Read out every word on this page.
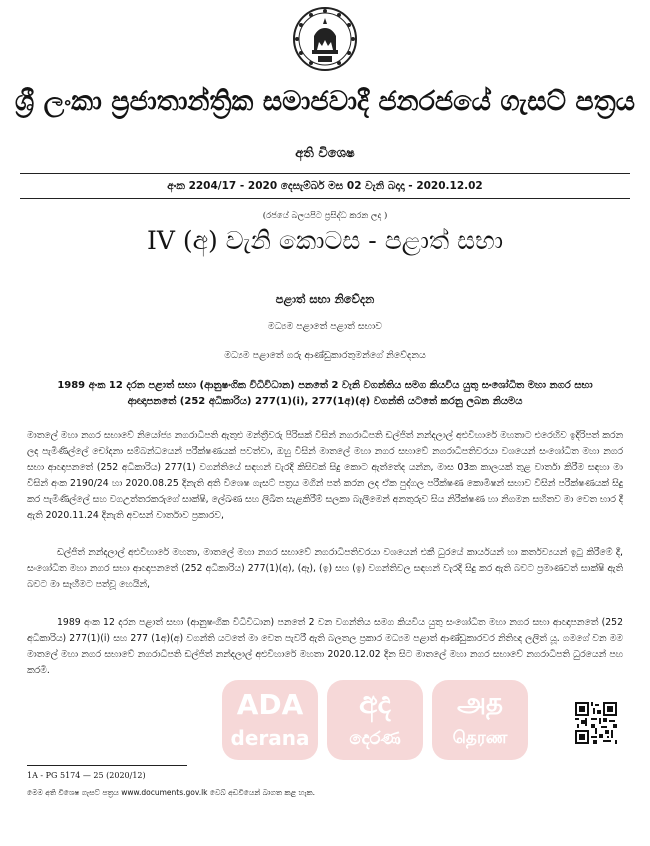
ශ්‍රී ලංකා ප්‍රජාතාන්ත්‍රික සමාජවාදී ජනරජයේ ගැසට් පත්‍රය
අති විශෙෂ
අංක 2204/17 - 2020 දෙසැම්බර් මස 02 වැනි බදාදා - 2020.12.02
(රජයේ බලයපිට ප්‍රසිද්ධ කරන ලද )
IV (අ) වැනි කොටස - පළාත් සභා
පළාත් සභා නිවේදන
මධ්‍යම පළාතේ පළාත් සභාව
මධ්‍යම පළාතේ ගරු ආණ්ඩුකාරතුමන්ගේ නිවේදනය
1989 අංක 12 දරන පළාත් සභා (ආනුෂංගික විධිවිධාන) පනතේ 2 වැනි වගන්තිය සමග කියවිය යුතු සංශෝධිත මහා නගර සභා
ආඥාපනතේ (252 අධිකාරිය) 277(1)(i), 277(1අ)(අ) වගන්ති යටතේ කරනු ලබන නියමය

මාතලේ මහා නගර සභාවේ නියෝජ්‍ය නගරාධිපති ඇතුළු මන්ත්‍රීවරු පිරිසක් විසින් නගරාධිපති ඩල්ජිත් නන්දලාල් අළුවිහාරේ මහතාට එරෙහිව ඉදිරිපත් කරන ලද පැමිණිල්ලේ චෝදනා සම්බන්ධයෙන් පරීක්ෂණයක් පවත්වා, ඔහු විසින් මාතලේ මහා නගර සභාවේ නගරාධිපතිවරයා වශයෙන් සංශෝධිත මහා නගර සභා ආඥාපනතේ (252 අධිකාරිය) 277(1) වගන්තියේ සඳහන් වැරදි කිසිවක් සිදු කොට ඇත්තේද යන්න, මාස 03ක කාලයක් තුළ වාර්තා කිරීම සඳහා මා විසින් අංක 2190/24 හා 2020.08.25 දිනැති අති විශෙෂ ගැසට් පත්‍රය මගින් පත් කරන ලද ඒක පුද්ගල පරීක්ෂණ කොමිෂන් සභාව විසින් පරීක්ෂණයක් සිදු කර පැමිණිල්ලේ සහ වගඋත්තරකරුගේ සාක්ෂි, ලේඛණ සහ ලිඛිත සැළකිරීම් සලකා බැලීමෙන් අනතුරුව සිය නිරීක්ෂණ හා නිගමන සහිතව මා වෙත භාර දී ඇති 2020.11.24 දිනැති අවසන් වාර්තාව ප්‍රකාරව,

ඩල්ජිත් නන්දලාල් අළුවිහාරේ මහතා, මාතලේ මහා නගර සභාවේ නගරාධිපතිවරයා වශයෙන් එකී ධුරයේ කාර්යයන් හා කර්තව්‍යයන් ඉටු කිරීමේ දී, සංශෝධිත මහා නගර සභා ආඥාපනතේ (252 අධිකාරිය) 277(1)(අ), (ඈ), (ඉ) සහ (ඉ) වගන්තිවල සඳහන් වැරදි සිදු කර ඇති බවට ප්‍රමාණවත් සාක්ෂි ඇති බවට මා සෑහීමට පත්වූ හෙයින්,

1989 අංක 12 දරන පළාත් සභා (ආනුෂංගික විධිවිධාන) පනතේ 2 වන වගන්තිය සමග කියවිය යුතු සංශෝධිත මහා නගර සභා ආඥාපනතේ (252 අධිකාරිය) 277(1)(i) සහ 277 (1අ)(අ) වගන්ති යටතේ මා වෙත පැවරී ඇති බලතල ප්‍රකාර මධ්‍යම පළාත් ආණ්ඩුකාරවර නිතිඥ ලලිත් යූ. ගමගේ වන මම මාතලේ මහා නගර සභාවේ නගරාධිපති ඩල්ජිත් නන්දලාල් අළුවිහාරේ මහතා 2020.12.02 දින සිට මාතලේ මහා නගර සභාවේ නගරාධිපති ධුරයෙන් පහ කරමි.

ADA
derana
අද
දෙරණ
அத
தெரண
1A - PG 5174 — 25 (2020/12)
මෙම අති විශෙෂ ගැසට් පත්‍රය www.documents.gov.lk වෙබ් අඩවියෙන් බාගත කළ හැක.
